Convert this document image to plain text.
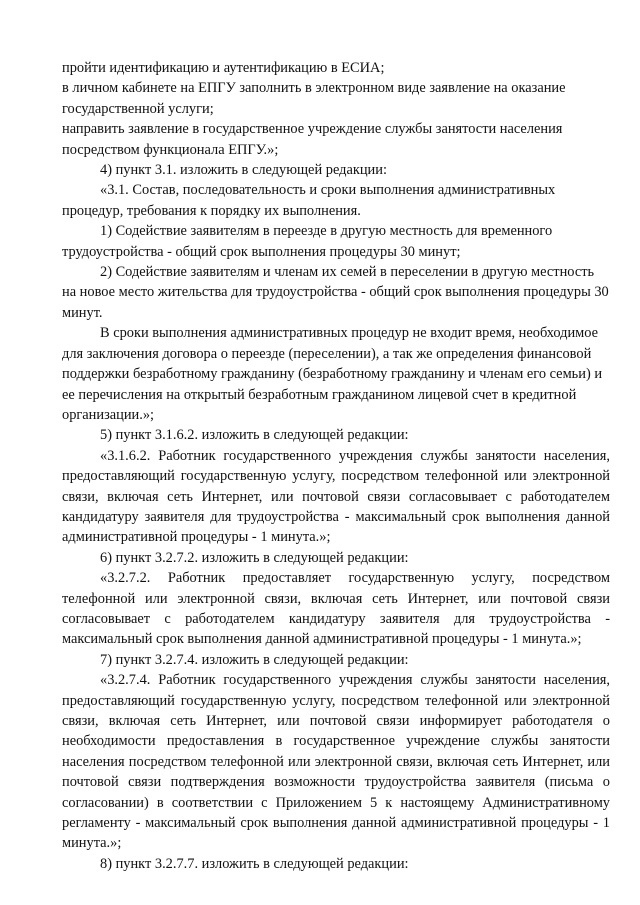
пройти идентификацию и аутентификацию в ЕСИА;

в личном кабинете на ЕПГУ заполнить в электронном виде заявление на оказание государственной услуги;

направить заявление в государственное учреждение службы занятости населения посредством функционала ЕПГУ.»;

4) пункт 3.1. изложить в следующей редакции:

«3.1. Состав, последовательность и сроки выполнения административных процедур, требования к порядку их выполнения.

1) Содействие заявителям в переезде в другую местность для временного трудоустройства - общий срок выполнения процедуры 30 минут;

2) Содействие заявителям и членам их семей в переселении в другую местность на новое место жительства для трудоустройства - общий срок выполнения процедуры 30 минут.

В сроки выполнения административных процедур не входит время, необходимое для заключения договора о переезде (переселении), а так же определения финансовой поддержки безработному гражданину (безработному гражданину и членам его семьи) и ее перечисления на открытый безработным гражданином лицевой счет в кредитной организации.»;

5) пункт 3.1.6.2. изложить в следующей редакции:

«3.1.6.2. Работник государственного учреждения службы занятости населения, предоставляющий государственную услугу, посредством телефонной или электронной связи, включая сеть Интернет, или почтовой связи согласовывает с работодателем кандидатуру заявителя для трудоустройства - максимальный срок выполнения данной административной процедуры - 1 минута.»;

6) пункт 3.2.7.2. изложить в следующей редакции:

«3.2.7.2. Работник предоставляет государственную услугу, посредством телефонной или электронной связи, включая сеть Интернет, или почтовой связи согласовывает с работодателем кандидатуру заявителя для трудоустройства - максимальный срок выполнения данной административной процедуры - 1 минута.»;

7) пункт 3.2.7.4. изложить в следующей редакции:

«3.2.7.4. Работник государственного учреждения службы занятости населения, предоставляющий государственную услугу, посредством телефонной или электронной связи, включая сеть Интернет, или почтовой связи информирует работодателя о необходимости предоставления в государственное учреждение службы занятости населения посредством телефонной или электронной связи, включая сеть Интернет, или почтовой связи подтверждения возможности трудоустройства заявителя (письма о согласовании) в соответствии с Приложением 5 к настоящему Административному регламенту - максимальный срок выполнения данной административной процедуры - 1 минута.»;

8) пункт 3.2.7.7. изложить в следующей редакции:
